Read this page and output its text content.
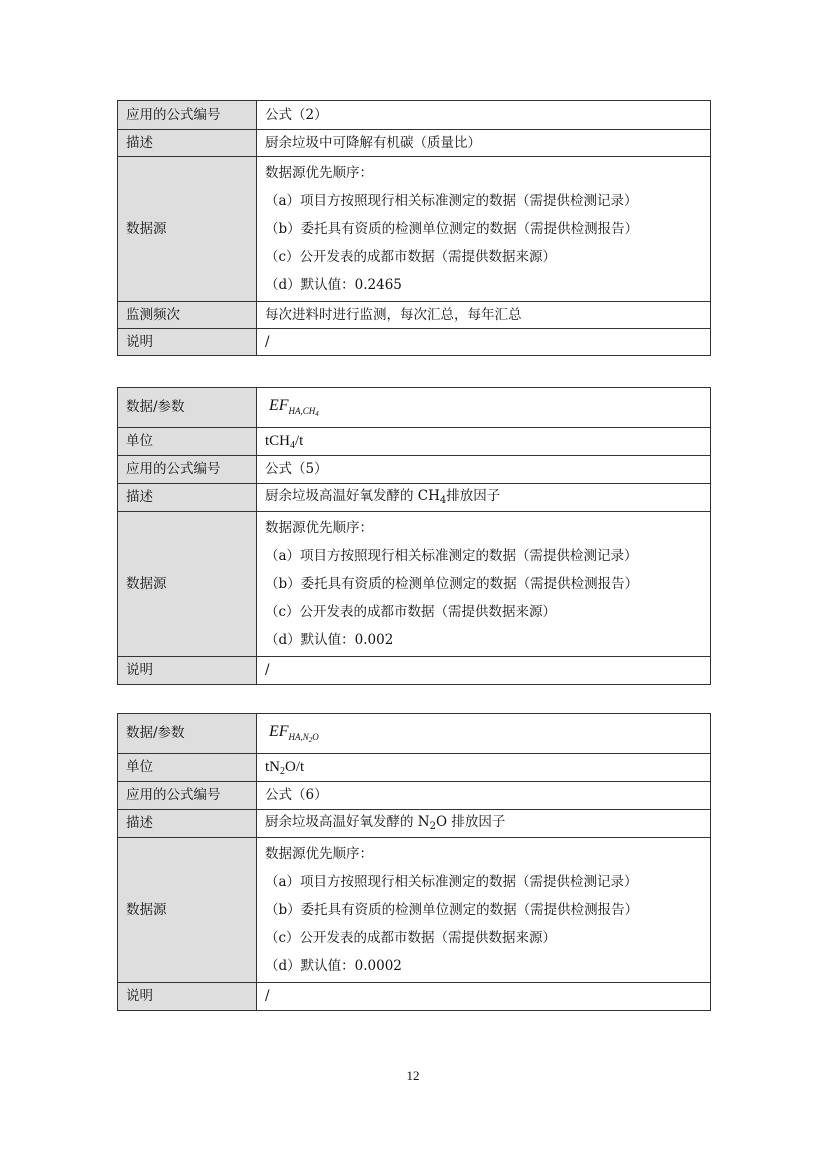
应用的公式编号	公式（2）
描述	厨余垃圾中可降解有机碳（质量比）
数据源	数据源优先顺序：
（a）项目方按照现行相关标准测定的数据（需提供检测记录）
（b）委托具有资质的检测单位测定的数据（需提供检测报告）
（c）公开发表的成都市数据（需提供数据来源）
（d）默认值：0.2465

监测频次	每次进料时进行监测，每次汇总，每年汇总
说明	/
数据/参数	$EF_{HA,CH_4}$
单位	tCH$_4$/t
应用的公式编号	公式（5）
描述	厨余垃圾高温好氧发酵的 $CH_4$排放因子
数据源	数据源优先顺序：
（a）项目方按照现行相关标准测定的数据（需提供检测记录）
（b）委托具有资质的检测单位测定的数据（需提供检测报告）
（c）公开发表的成都市数据（需提供数据来源）
（d）默认值：0.002

说明	/
数据/参数	$EF_{HA,N_2O}$
单位	$tN_2O/t$
应用的公式编号	公式（6）
描述	厨余垃圾高温好氧发酵的 $N_2O$ 排放因子
数据源	数据源优先顺序：
（a）项目方按照现行相关标准测定的数据（需提供检测记录）
（b）委托具有资质的检测单位测定的数据（需提供检测报告）
（c）公开发表的成都市数据（需提供数据来源）
（d）默认值：0.0002

说明	/
12
